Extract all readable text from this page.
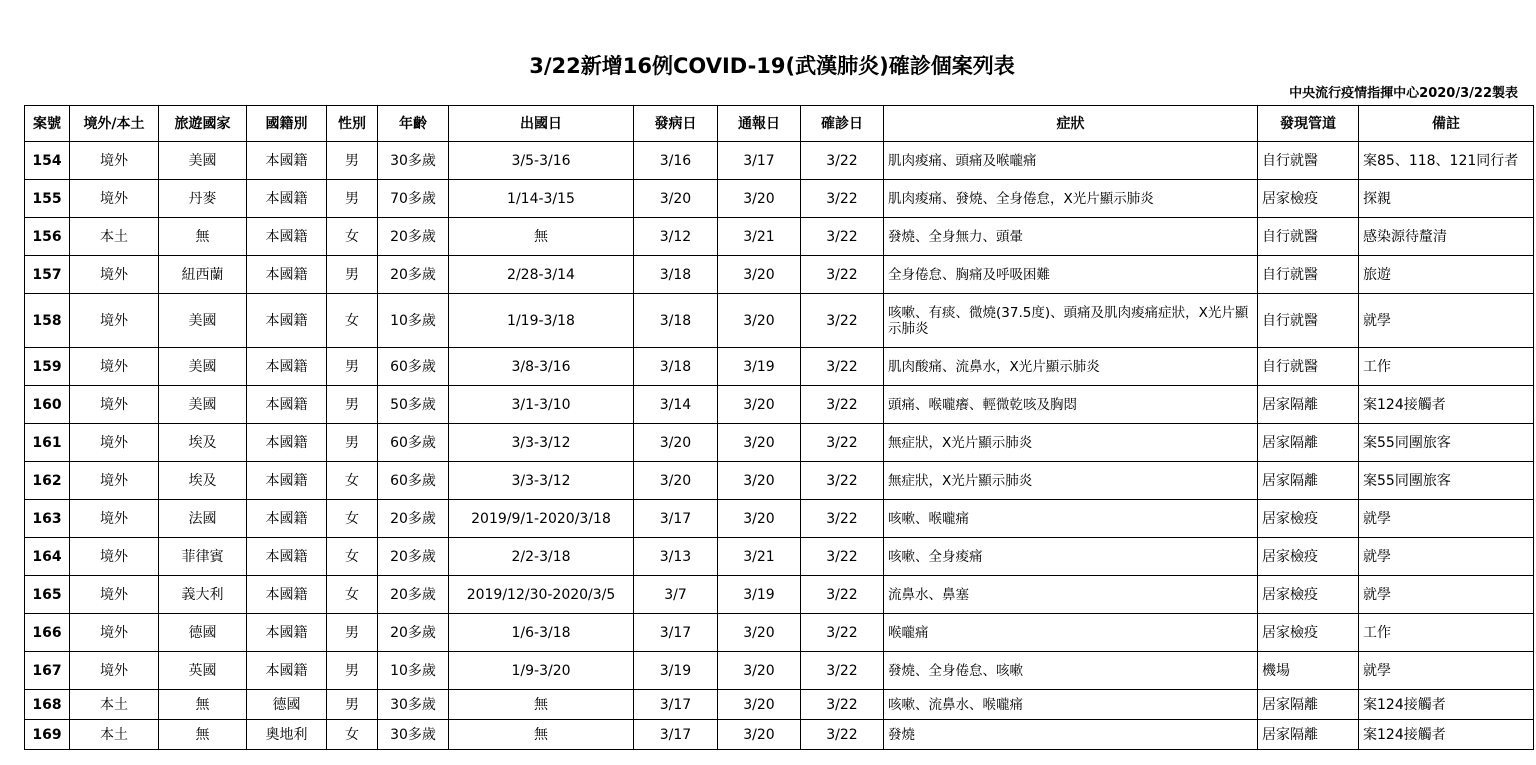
3/22新增16例COVID-19(武漢肺炎)確診個案列表
中央流行疫情指揮中心2020/3/22製表
案號	境外/本土	旅遊國家	國籍別	性別	年齡	出國日	發病日	通報日	確診日	症狀	發現管道	備註
154	境外	美國	本國籍	男	30多歲	3/5-3/16	3/16	3/17	3/22	肌肉痠痛、頭痛及喉嚨痛	自行就醫	案85、118、121同行者
155	境外	丹麥	本國籍	男	70多歲	1/14-3/15	3/20	3/20	3/22	肌肉痠痛、發燒、全身倦怠，X光片顯示肺炎	居家檢疫	探親
156	本土	無	本國籍	女	20多歲	無	3/12	3/21	3/22	發燒、全身無力、頭暈	自行就醫	感染源待釐清
157	境外	紐西蘭	本國籍	男	20多歲	2/28-3/14	3/18	3/20	3/22	全身倦怠、胸痛及呼吸困難	自行就醫	旅遊
158	境外	美國	本國籍	女	10多歲	1/19-3/18	3/18	3/20	3/22	咳嗽、有痰、微燒(37.5度)、頭痛及肌肉痠痛症狀，X光片顯示肺炎	自行就醫	就學
159	境外	美國	本國籍	男	60多歲	3/8-3/16	3/18	3/19	3/22	肌肉酸痛、流鼻水，X光片顯示肺炎	自行就醫	工作
160	境外	美國	本國籍	男	50多歲	3/1-3/10	3/14	3/20	3/22	頭痛、喉嚨癢、輕微乾咳及胸悶	居家隔離	案124接觸者
161	境外	埃及	本國籍	男	60多歲	3/3-3/12	3/20	3/20	3/22	無症狀，X光片顯示肺炎	居家隔離	案55同團旅客
162	境外	埃及	本國籍	女	60多歲	3/3-3/12	3/20	3/20	3/22	無症狀，X光片顯示肺炎	居家隔離	案55同團旅客
163	境外	法國	本國籍	女	20多歲	2019/9/1-2020/3/18	3/17	3/20	3/22	咳嗽、喉嚨痛	居家檢疫	就學
164	境外	菲律賓	本國籍	女	20多歲	2/2-3/18	3/13	3/21	3/22	咳嗽、全身痠痛	居家檢疫	就學
165	境外	義大利	本國籍	女	20多歲	2019/12/30-2020/3/5	3/7	3/19	3/22	流鼻水、鼻塞	居家檢疫	就學
166	境外	德國	本國籍	男	20多歲	1/6-3/18	3/17	3/20	3/22	喉嚨痛	居家檢疫	工作
167	境外	英國	本國籍	男	10多歲	1/9-3/20	3/19	3/20	3/22	發燒、全身倦怠、咳嗽	機場	就學
168	本土	無	德國	男	30多歲	無	3/17	3/20	3/22	咳嗽、流鼻水、喉嚨痛	居家隔離	案124接觸者
169	本土	無	奧地利	女	30多歲	無	3/17	3/20	3/22	發燒	居家隔離	案124接觸者
